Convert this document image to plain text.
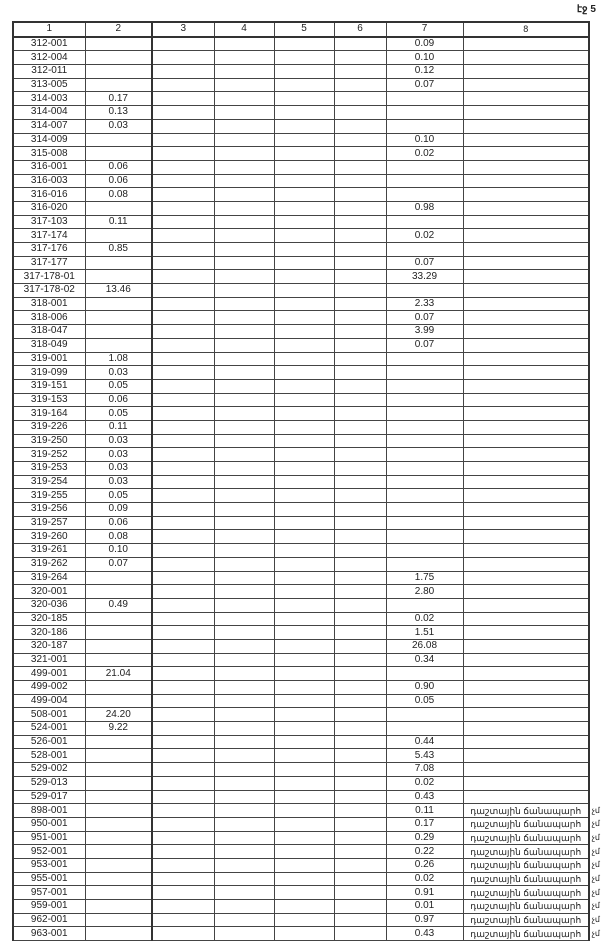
էջ 5
1	2	3	4	5	6	7	8
312-001						0.09	
312-004						0.10	
312-011						0.12	
313-005						0.07	
314-003	0.17						
314-004	0.13						
314-007	0.03						
314-009						0.10	
315-008						0.02	
316-001	0.06						
316-003	0.06						
316-016	0.08						
316-020						0.98	
317-103	0.11						
317-174						0.02	
317-176	0.85						
317-177						0.07	
317-178-01						33.29	
317-178-02	13.46						
318-001						2.33	
318-006						0.07	
318-047						3.99	
318-049						0.07	
319-001	1.08						
319-099	0.03						
319-151	0.05						
319-153	0.06						
319-164	0.05						
319-226	0.11						
319-250	0.03						
319-252	0.03						
319-253	0.03						
319-254	0.03						
319-255	0.05						
319-256	0.09						
319-257	0.06						
319-260	0.08						
319-261	0.10						
319-262	0.07						
319-264						1.75	
320-001						2.80	
320-036	0.49						
320-185						0.02	
320-186						1.51	
320-187						26.08	
321-001						0.34	
499-001	21.04						
499-002						0.90	
499-004						0.05	
508-001	24.20						
524-001	9.22						
526-001						0.44	
528-001						5.43	
529-002						7.08	
529-013						0.02	
529-017						0.43	
898-001						0.11	դաշտային ճանապարհ չմ

950-001						0.17	դաշտային ճանապարհ չմ

951-001						0.29	դաշտային ճանապարհ չմ

952-001						0.22	դաշտային ճանապարհ չմ

953-001						0.26	դաշտային ճանապարհ չմ

955-001						0.02	դաշտային ճանապարհ չմ

957-001						0.91	դաշտային ճանապարհ չմ

959-001						0.01	դաշտային ճանապարհ չմ

962-001						0.97	դաշտային ճանապարհ չմ

963-001						0.43	դաշտային ճանապարհ չմ
